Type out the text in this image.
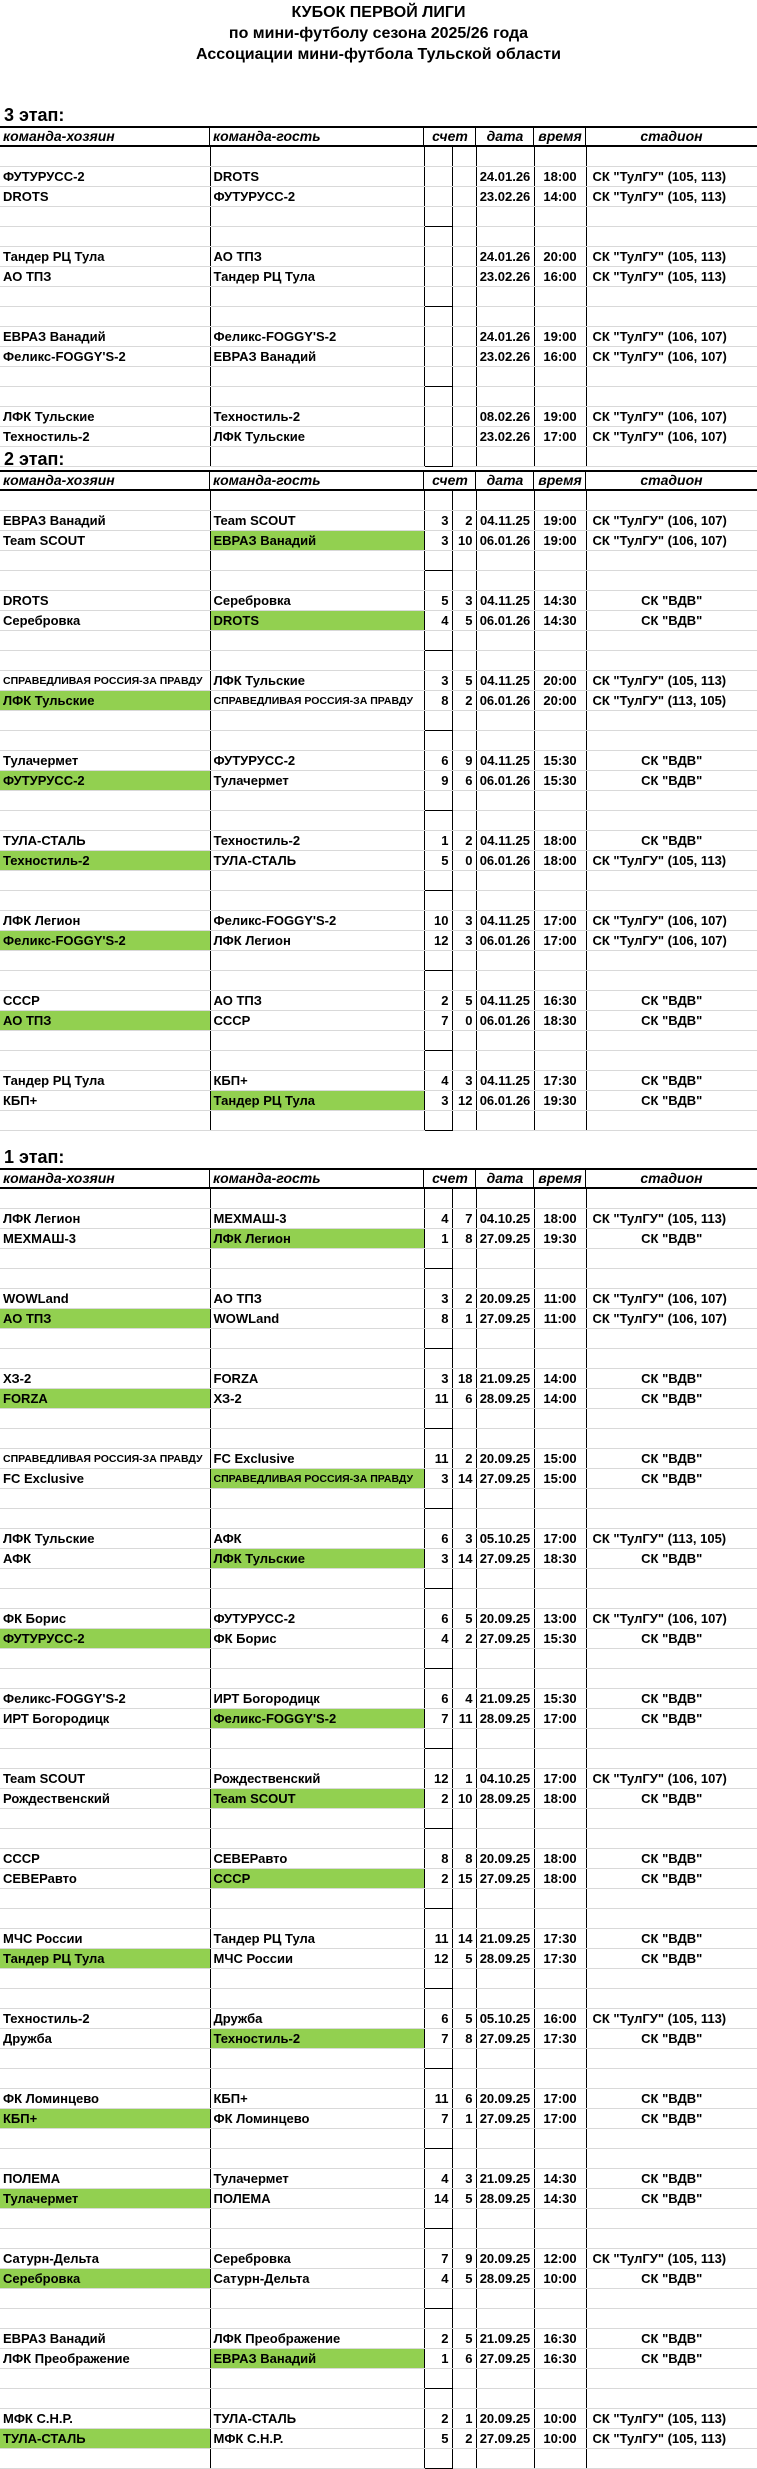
КУБОК ПЕРВОЙ ЛИГИ
по мини-футболу сезона 2025/26 года
Ассоциации мини-футбола Тульской области
3 этап:
команда-хозяин	команда-гость	счет	дата	время	стадион

ФУТУРУСС-2	DROTS			24.01.26	18:00	СК "ТулГУ" (105, 113)
DROTS	ФУТУРУСС-2			23.02.26	14:00	СК "ТулГУ" (105, 113)

Тандер РЦ Тула	АО ТПЗ			24.01.26	20:00	СК "ТулГУ" (105, 113)
АО ТПЗ	Тандер РЦ Тула			23.02.26	16:00	СК "ТулГУ" (105, 113)

ЕВРАЗ Ванадий	Феликс-FOGGY'S-2			24.01.26	19:00	СК "ТулГУ" (106, 107)
Феликс-FOGGY'S-2	ЕВРАЗ Ванадий			23.02.26	16:00	СК "ТулГУ" (106, 107)

ЛФК Тульские	Техностиль-2			08.02.26	19:00	СК "ТулГУ" (106, 107)
Техностиль-2	ЛФК Тульские			23.02.26	17:00	СК "ТулГУ" (106, 107)

2 этап:
команда-хозяин	команда-гость	счет	дата	время	стадион

ЕВРАЗ Ванадий	Team SCOUT	3	2	04.11.25	19:00	СК "ТулГУ" (106, 107)
Team SCOUT	ЕВРАЗ Ванадий	3	10	06.01.26	19:00	СК "ТулГУ" (106, 107)

DROTS	Серебровка	5	3	04.11.25	14:30	СК "ВДВ"
Серебровка	DROTS	4	5	06.01.26	14:30	СК "ВДВ"

СПРАВЕДЛИВАЯ РОССИЯ-ЗА ПРАВДУ	ЛФК Тульские	3	5	04.11.25	20:00	СК "ТулГУ" (105, 113)
ЛФК Тульские	СПРАВЕДЛИВАЯ РОССИЯ-ЗА ПРАВДУ	8	2	06.01.26	20:00	СК "ТулГУ" (113, 105)

Тулачермет	ФУТУРУСС-2	6	9	04.11.25	15:30	СК "ВДВ"
ФУТУРУСС-2	Тулачермет	9	6	06.01.26	15:30	СК "ВДВ"

ТУЛА-СТАЛЬ	Техностиль-2	1	2	04.11.25	18:00	СК "ВДВ"
Техностиль-2	ТУЛА-СТАЛЬ	5	0	06.01.26	18:00	СК "ТулГУ" (105, 113)

ЛФК Легион	Феликс-FOGGY'S-2	10	3	04.11.25	17:00	СК "ТулГУ" (106, 107)
Феликс-FOGGY'S-2	ЛФК Легион	12	3	06.01.26	17:00	СК "ТулГУ" (106, 107)

СССР	АО ТПЗ	2	5	04.11.25	16:30	СК "ВДВ"
АО ТПЗ	СССР	7	0	06.01.26	18:30	СК "ВДВ"

Тандер РЦ Тула	КБП+	4	3	04.11.25	17:30	СК "ВДВ"
КБП+	Тандер РЦ Тула	3	12	06.01.26	19:30	СК "ВДВ"

1 этап:
команда-хозяин	команда-гость	счет	дата	время	стадион

ЛФК Легион	МЕХМАШ-3	4	7	04.10.25	18:00	СК "ТулГУ" (105, 113)
МЕХМАШ-3	ЛФК Легион	1	8	27.09.25	19:30	СК "ВДВ"

WOWLand	АО ТПЗ	3	2	20.09.25	11:00	СК "ТулГУ" (106, 107)
АО ТПЗ	WOWLand	8	1	27.09.25	11:00	СК "ТулГУ" (106, 107)

ХЗ-2	FORZA	3	18	21.09.25	14:00	СК "ВДВ"
FORZA	ХЗ-2	11	6	28.09.25	14:00	СК "ВДВ"

СПРАВЕДЛИВАЯ РОССИЯ-ЗА ПРАВДУ	FC Exclusive	11	2	20.09.25	15:00	СК "ВДВ"
FC Exclusive	СПРАВЕДЛИВАЯ РОССИЯ-ЗА ПРАВДУ	3	14	27.09.25	15:00	СК "ВДВ"

ЛФК Тульские	АФК	6	3	05.10.25	17:00	СК "ТулГУ" (113, 105)
АФК	ЛФК Тульские	3	14	27.09.25	18:30	СК "ВДВ"

ФК Борис	ФУТУРУСС-2	6	5	20.09.25	13:00	СК "ТулГУ" (106, 107)
ФУТУРУСС-2	ФК Борис	4	2	27.09.25	15:30	СК "ВДВ"

Феликс-FOGGY'S-2	ИРТ Богородицк	6	4	21.09.25	15:30	СК "ВДВ"
ИРТ Богородицк	Феликс-FOGGY'S-2	7	11	28.09.25	17:00	СК "ВДВ"

Team SCOUT	Рождественский	12	1	04.10.25	17:00	СК "ТулГУ" (106, 107)
Рождественский	Team SCOUT	2	10	28.09.25	18:00	СК "ВДВ"

СССР	СЕВЕРавто	8	8	20.09.25	18:00	СК "ВДВ"
СЕВЕРавто	СССР	2	15	27.09.25	18:00	СК "ВДВ"

МЧС России	Тандер РЦ Тула	11	14	21.09.25	17:30	СК "ВДВ"
Тандер РЦ Тула	МЧС России	12	5	28.09.25	17:30	СК "ВДВ"

Техностиль-2	Дружба	6	5	05.10.25	16:00	СК "ТулГУ" (105, 113)
Дружба	Техностиль-2	7	8	27.09.25	17:30	СК "ВДВ"

ФК Ломинцево	КБП+	11	6	20.09.25	17:00	СК "ВДВ"
КБП+	ФК Ломинцево	7	1	27.09.25	17:00	СК "ВДВ"

ПОЛЕМА	Тулачермет	4	3	21.09.25	14:30	СК "ВДВ"
Тулачермет	ПОЛЕМА	14	5	28.09.25	14:30	СК "ВДВ"

Сатурн-Дельта	Серебровка	7	9	20.09.25	12:00	СК "ТулГУ" (105, 113)
Серебровка	Сатурн-Дельта	4	5	28.09.25	10:00	СК "ВДВ"

ЕВРАЗ Ванадий	ЛФК Преображение	2	5	21.09.25	16:30	СК "ВДВ"
ЛФК Преображение	ЕВРАЗ Ванадий	1	6	27.09.25	16:30	СК "ВДВ"

МФК С.Н.Р.	ТУЛА-СТАЛЬ	2	1	20.09.25	10:00	СК "ТулГУ" (105, 113)
ТУЛА-СТАЛЬ	МФК С.Н.Р.	5	2	27.09.25	10:00	СК "ТулГУ" (105, 113)
